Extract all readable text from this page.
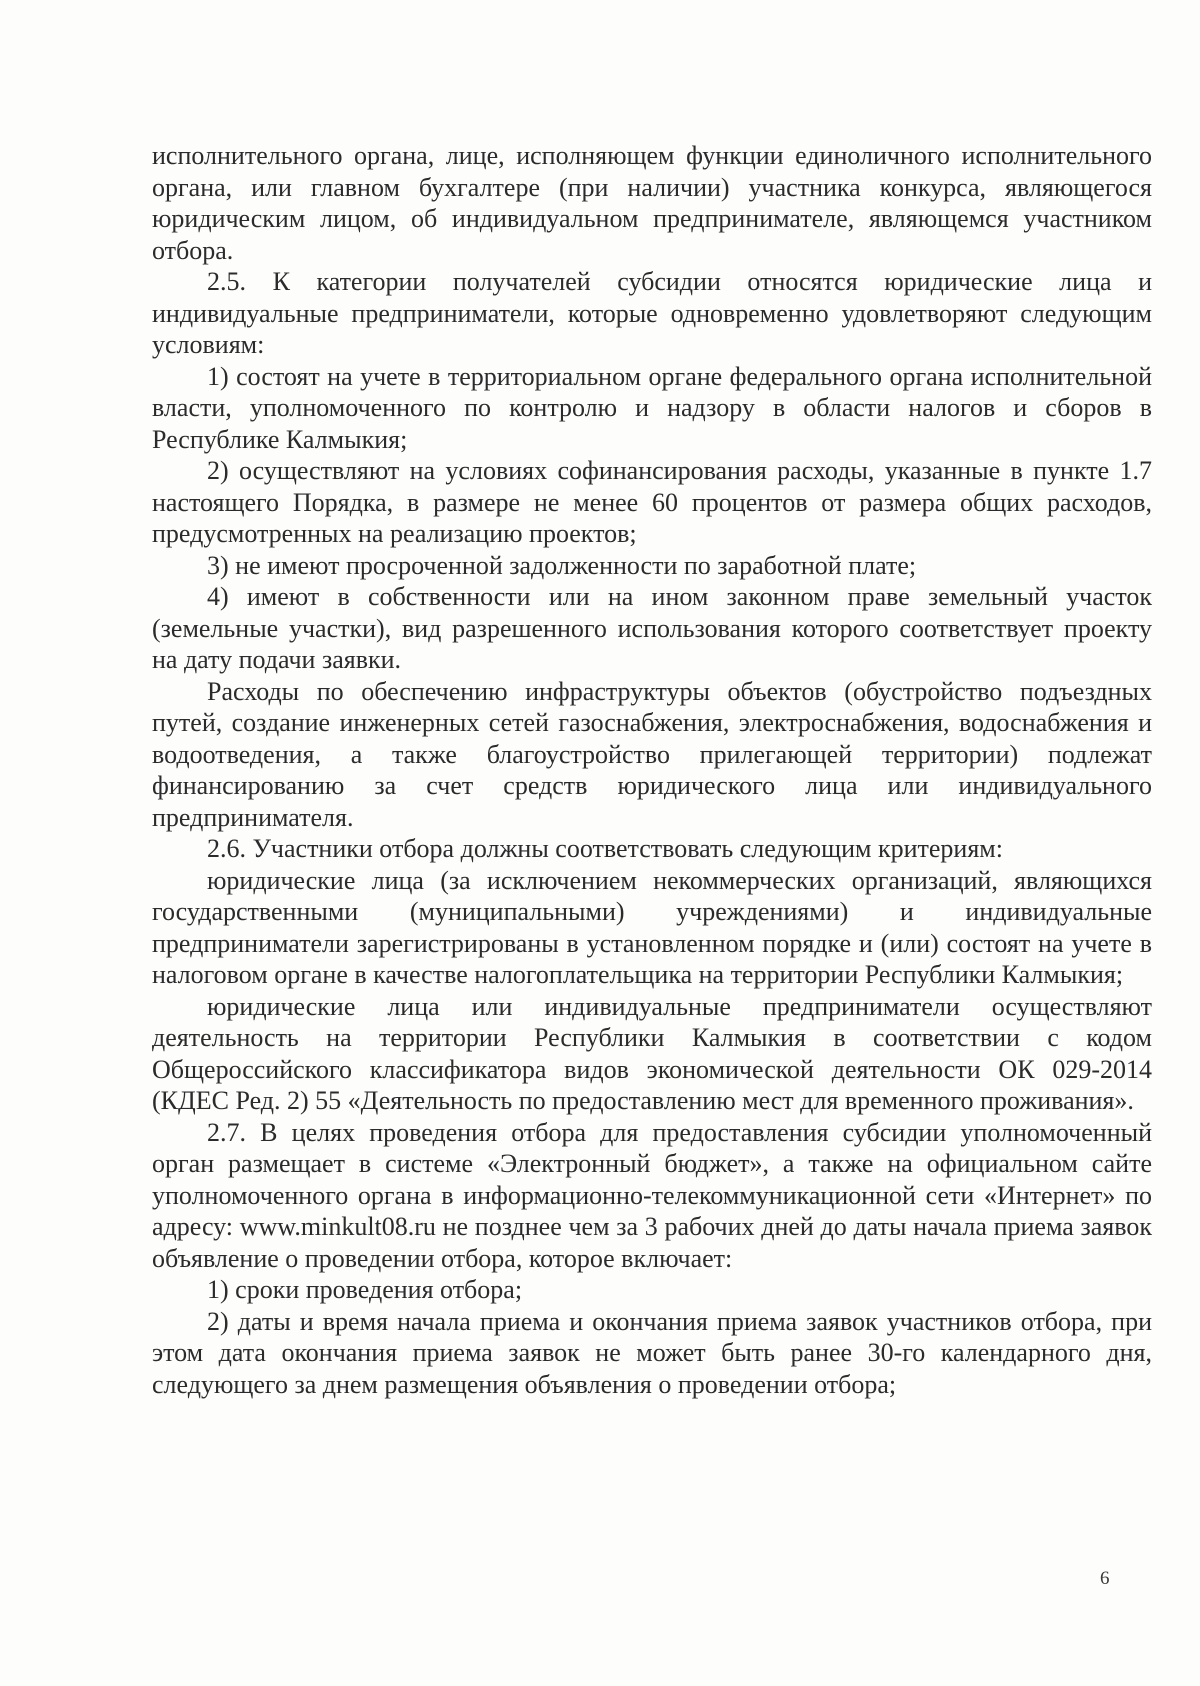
исполнительного органа, лице, исполняющем функции единоличного исполнительного органа, или главном бухгалтере (при наличии) участника конкурса, являющегося юридическим лицом, об индивидуальном предпринимателе, являющемся участником отбора.

2.5. К категории получателей субсидии относятся юридические лица и индивидуальные предприниматели, которые одновременно удовлетворяют следующим условиям:

1) состоят на учете в территориальном органе федерального органа исполнительной власти, уполномоченного по контролю и надзору в области налогов и сборов в Республике Калмыкия;

2) осуществляют на условиях софинансирования расходы, указанные в пункте 1.7 настоящего Порядка, в размере не менее 60 процентов от размера общих расходов, предусмотренных на реализацию проектов;

3) не имеют просроченной задолженности по заработной плате;

4) имеют в собственности или на ином законном праве земельный участок (земельные участки), вид разрешенного использования которого соответствует проекту на дату подачи заявки.

Расходы по обеспечению инфраструктуры объектов (обустройство подъездных путей, создание инженерных сетей газоснабжения, электроснабжения, водоснабжения и водоотведения, а также благоустройство прилегающей территории) подлежат финансированию за счет средств юридического лица или индивидуального предпринимателя.

2.6. Участники отбора должны соответствовать следующим критериям:

юридические лица (за исключением некоммерческих организаций, являющихся государственными (муниципальными) учреждениями) и индивидуальные предприниматели зарегистрированы в установленном порядке и (или) состоят на учете в налоговом органе в качестве налогоплательщика на территории Республики Калмыкия;

юридические лица или индивидуальные предприниматели осуществляют деятельность на территории Республики Калмыкия в соответствии с кодом Общероссийского классификатора видов экономической деятельности ОК 029-2014 (КДЕС Ред. 2) 55 «Деятельность по предоставлению мест для временного проживания».

2.7. В целях проведения отбора для предоставления субсидии уполномоченный орган размещает в системе «Электронный бюджет», а также на официальном сайте уполномоченного органа в информационно-телекоммуникационной сети «Интернет» по адресу: www.minkult08.ru не позднее чем за 3 рабочих дней до даты начала приема заявок объявление о проведении отбора, которое включает:

1) сроки проведения отбора;

2) даты и время начала приема и окончания приема заявок участников отбора, при этом дата окончания приема заявок не может быть ранее 30-го календарного дня, следующего за днем размещения объявления о проведении отбора;

6
